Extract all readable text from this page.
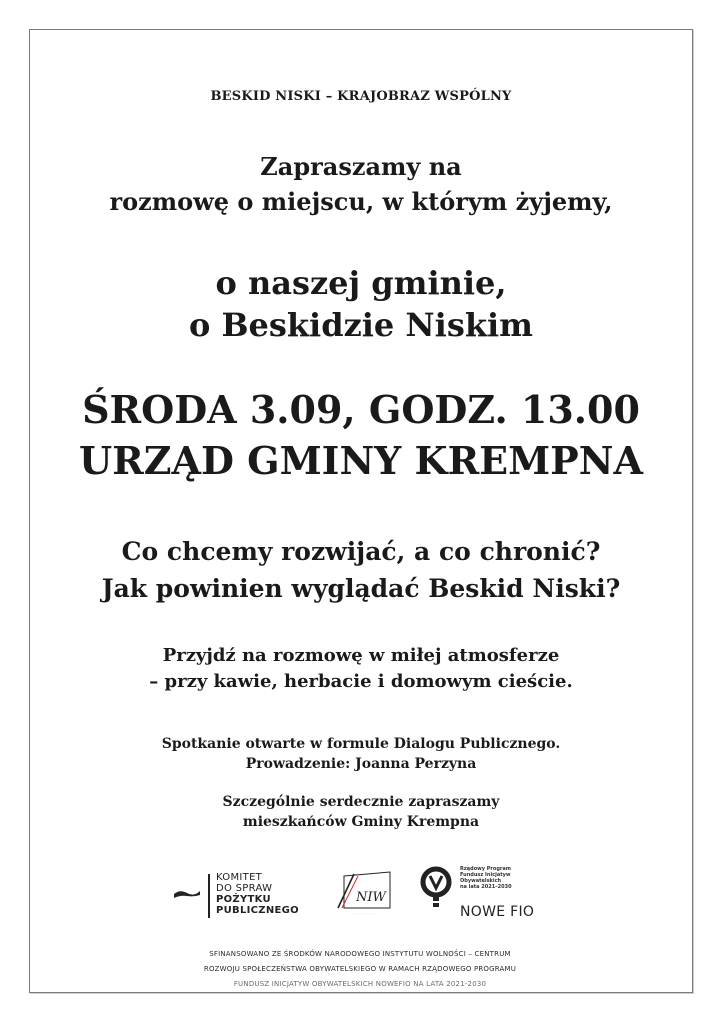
BESKID NISKI – KRAJOBRAZ WSPÓLNY
Zapraszamy na
rozmowę o miejscu, w którym żyjemy,
o naszej gminie,
o Beskidzie Niskim
ŚRODA 3.09, GODZ. 13.00
URZĄD GMINY KREMPNA
Co chcemy rozwijać, a co chronić?
Jak powinien wyglądać Beskid Niski?
Przyjdź na rozmowę w miłej atmosferze
– przy kawie, herbacie i domowym cieście.
Spotkanie otwarte w formule Dialogu Publicznego.
Prowadzenie: Joanna Perzyna
Szczególnie serdecznie zapraszamy
mieszkańców Gminy Krempna
KOMITET
DO SPRAW
POŻYTKU
PUBLICZNEGO
NIW
· · · · · · · · · · · · · ·
Rządowy Program
Fundusz Inicjatyw
Obywatelskich
na lata 2021–2030
NOWE FIO
SFINANSOWANO ZE ŚRODKÓW NARODOWEGO INSTYTUTU WOLNOŚCI – CENTRUM
ROZWOJU SPOŁECZEŃSTWA OBYWATELSKIEGO W RAMACH RZĄDOWEGO PROGRAMU
FUNDUSZ INICJATYW OBYWATELSKICH NOWEFIO NA LATA 2021-2030
